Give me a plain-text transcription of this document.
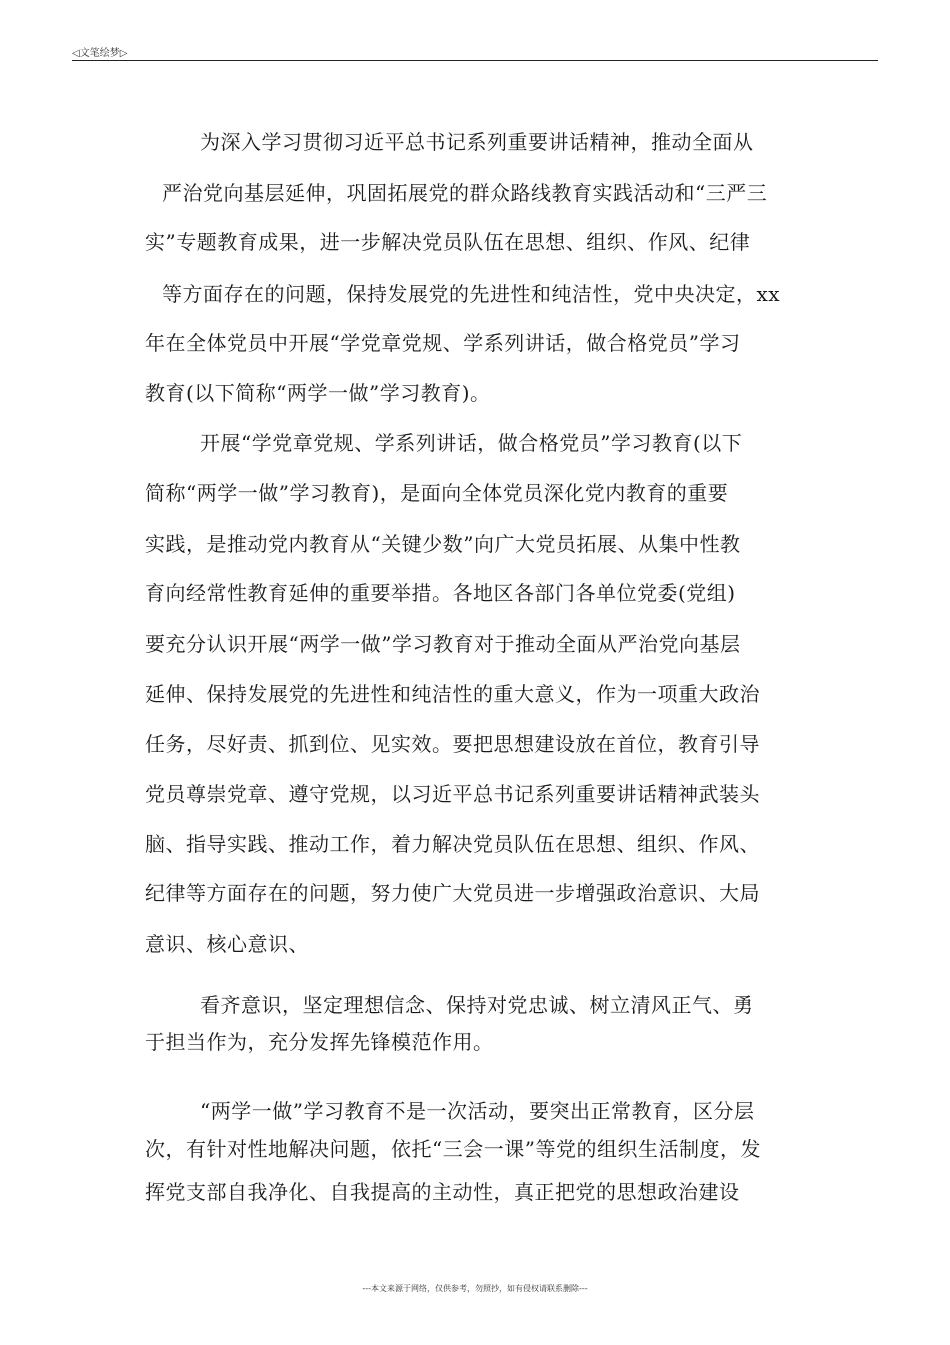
◁文笔绘梦▷
为深入学习贯彻习近平总书记系列重要讲话精神，推动全面从
严治党向基层延伸，巩固拓展党的群众路线教育实践活动和“三严三
实”专题教育成果，进一步解决党员队伍在思想、组织、作风、纪律
等方面存在的问题，保持发展党的先进性和纯洁性，党中央决定，xx
年在全体党员中开展“学党章党规、学系列讲话，做合格党员”学习
教育(以下简称“两学一做”学习教育)。
开展“学党章党规、学系列讲话，做合格党员”学习教育(以下
简称“两学一做”学习教育)，是面向全体党员深化党内教育的重要
实践，是推动党内教育从“关键少数”向广大党员拓展、从集中性教
育向经常性教育延伸的重要举措。各地区各部门各单位党委(党组)
要充分认识开展“两学一做”学习教育对于推动全面从严治党向基层
延伸、保持发展党的先进性和纯洁性的重大意义，作为一项重大政治
任务，尽好责、抓到位、见实效。要把思想建设放在首位，教育引导
党员尊崇党章、遵守党规，以习近平总书记系列重要讲话精神武装头
脑、指导实践、推动工作，着力解决党员队伍在思想、组织、作风、
纪律等方面存在的问题，努力使广大党员进一步增强政治意识、大局
意识、核心意识、
看齐意识，坚定理想信念、保持对党忠诚、树立清风正气、勇
于担当作为，充分发挥先锋模范作用。
“两学一做”学习教育不是一次活动，要突出正常教育，区分层
次，有针对性地解决问题，依托“三会一课”等党的组织生活制度，发
挥党支部自我净化、自我提高的主动性，真正把党的思想政治建设
---本文来源于网络，仅供参考，勿照抄，如有侵权请联系删除---
